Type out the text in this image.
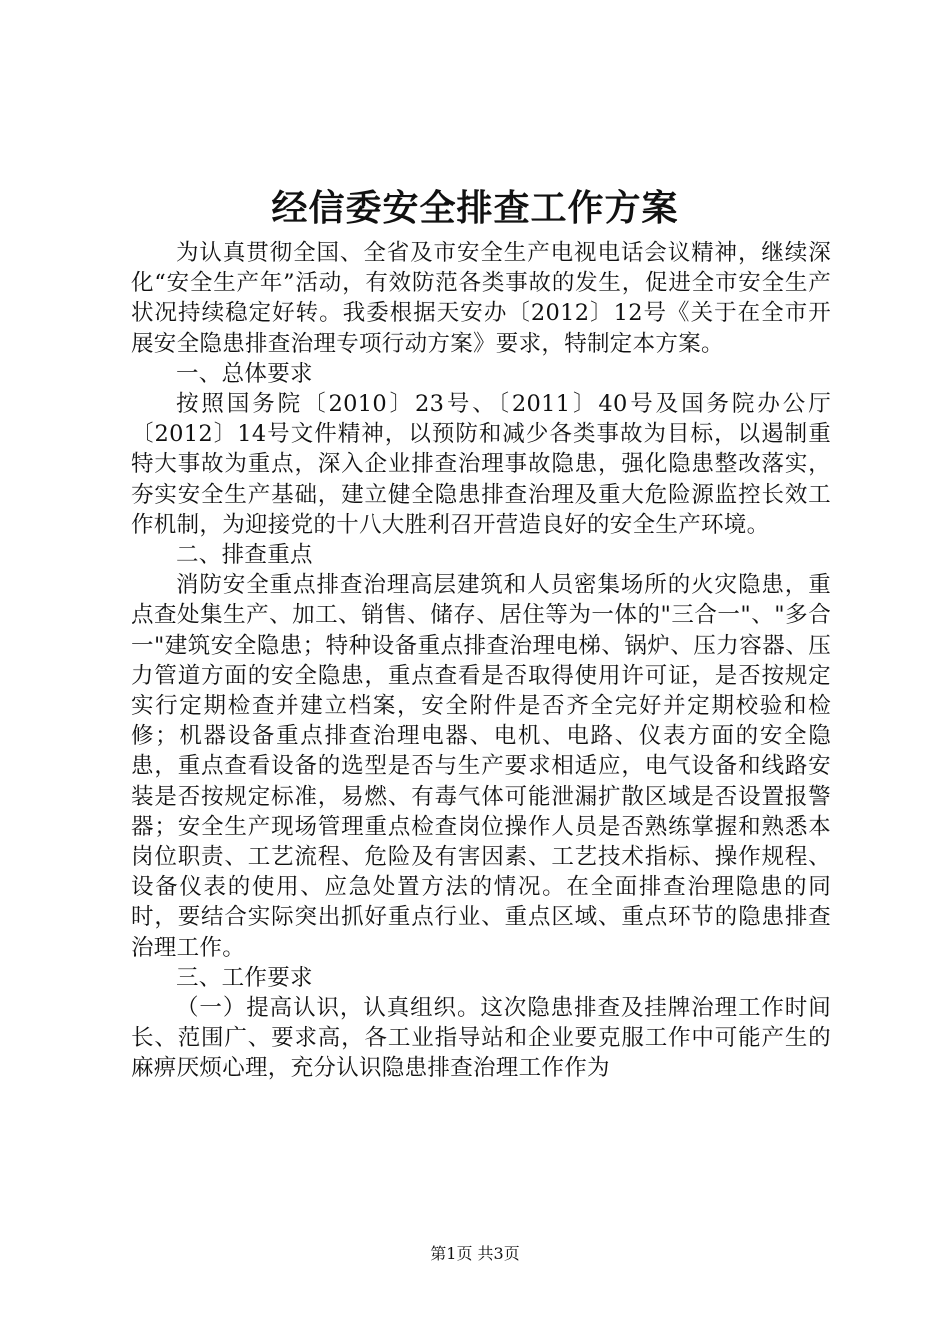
经信委安全排查工作方案

为认真贯彻全国、全省及市安全生产电视电话会议精神，继续深化“安全生产年”活动，有效防范各类事故的发生，促进全市安全生产状况持续稳定好转。我委根据天安办〔2012〕12号《关于在全市开展安全隐患排查治理专项行动方案》要求，特制定本方案。

一、总体要求

按照国务院〔2010〕23号、〔2011〕40号及国务院办公厅〔2012〕14号文件精神，以预防和减少各类事故为目标，以遏制重特大事故为重点，深入企业排查治理事故隐患，强化隐患整改落实，夯实安全生产基础，建立健全隐患排查治理及重大危险源监控长效工作机制，为迎接党的十八大胜利召开营造良好的安全生产环境。

二、排查重点

消防安全重点排查治理高层建筑和人员密集场所的火灾隐患，重点查处集生产、加工、销售、储存、居住等为一体的"三合一"、"多合一"建筑安全隐患；特种设备重点排查治理电梯、锅炉、压力容器、压力管道方面的安全隐患，重点查看是否取得使用许可证，是否按规定实行定期检查并建立档案，安全附件是否齐全完好并定期校验和检修；机器设备重点排查治理电器、电机、电路、仪表方面的安全隐患，重点查看设备的选型是否与生产要求相适应，电气设备和线路安装是否按规定标准，易燃、有毒气体可能泄漏扩散区域是否设置报警器；安全生产现场管理重点检查岗位操作人员是否熟练掌握和熟悉本岗位职责、工艺流程、危险及有害因素、工艺技术指标、操作规程、设备仪表的使用、应急处置方法的情况。在全面排查治理隐患的同时，要结合实际突出抓好重点行业、重点区域、重点环节的隐患排查治理工作。

三、工作要求

（一）提高认识，认真组织。这次隐患排查及挂牌治理工作时间长、范围广、要求高，各工业指导站和企业要克服工作中可能产生的麻痹厌烦心理，充分认识隐患排查治理工作作为

第1页 共3页
